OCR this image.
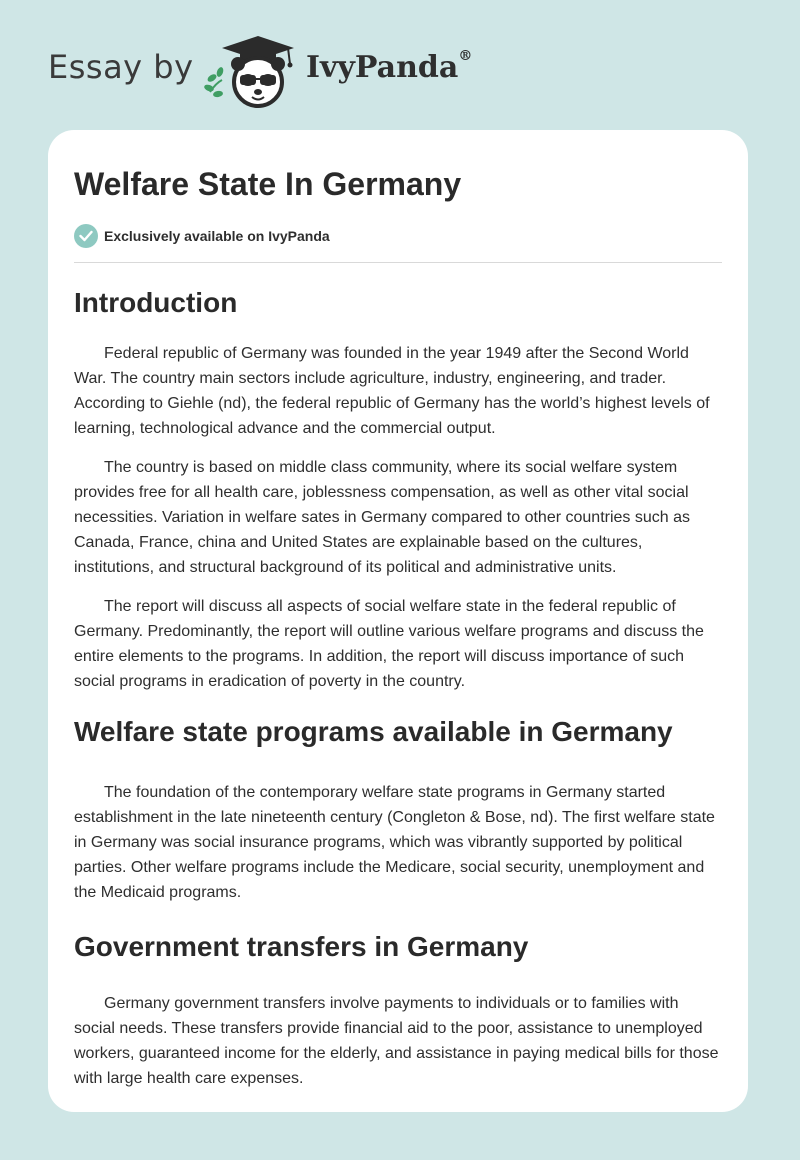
Essay by	IvyPanda®
Welfare State In Germany
Exclusively available on IvyPanda
Introduction

Federal republic of Germany was founded in the year 1949 after the Second World War. The country main sectors include agriculture, industry, engineering, and trader. According to Giehle (nd), the federal republic of Germany has the world’s highest levels of learning, technological advance and the commercial output.

The country is based on middle class community, where its social welfare system provides free for all health care, joblessness compensation, as well as other vital social necessities. Variation in welfare sates in Germany compared to other countries such as Canada, France, china and United States are explainable based on the cultures, institutions, and structural background of its political and administrative units.

The report will discuss all aspects of social welfare state in the federal republic of Germany. Predominantly, the report will outline various welfare programs and discuss the entire elements to the programs. In addition, the report will discuss importance of such social programs in eradication of poverty in the country.

Welfare state programs available in Germany

The foundation of the contemporary welfare state programs in Germany started establishment in the late nineteenth century (Congleton & Bose, nd). The first welfare state in Germany was social insurance programs, which was vibrantly supported by political parties. Other welfare programs include the Medicare, social security, unemployment and the Medicaid programs.

Government transfers in Germany

Germany government transfers involve payments to individuals or to families with social needs. These transfers provide financial aid to the poor, assistance to unemployed workers, guaranteed income for the elderly, and assistance in paying medical bills for those with large health care expenses.
